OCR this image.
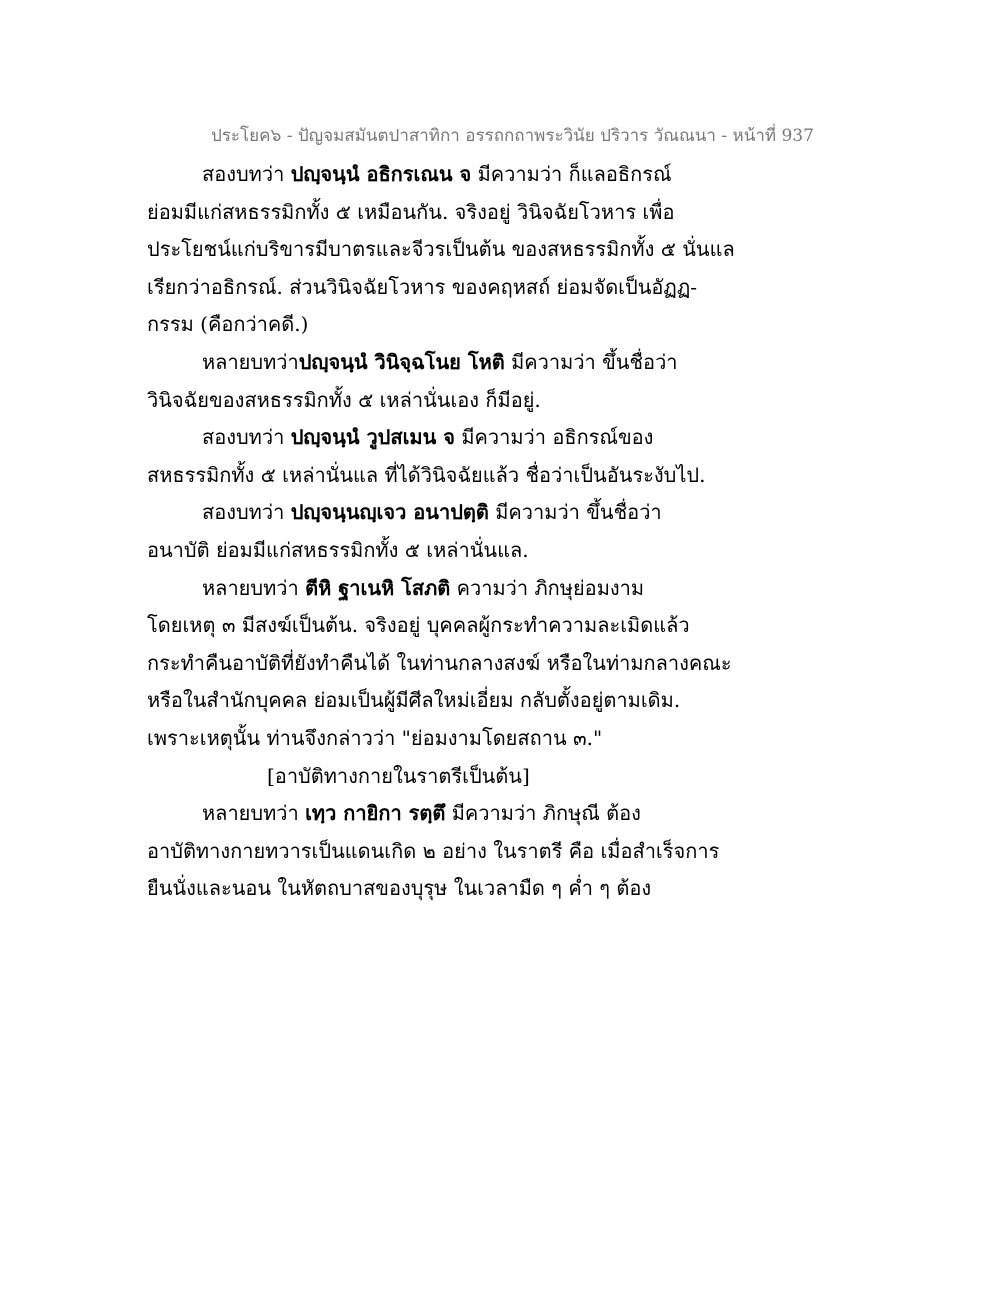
ประโยค๖ - ปัญจมสมันตปาสาทิกา อรรถกถาพระวินัย ปริวาร วัณณนา - หน้าที่ 937
สองบทว่า ปญฺจนฺนํ อธิกรเณน จ มีความว่า ก็แลอธิกรณ์
ย่อมมีแก่สหธรรมิกทั้ง ๕ เหมือนกัน. จริงอยู่ วินิจฉัยโวหาร เพื่อ
ประโยชน์แก่บริขารมีบาตรและจีวรเป็นต้น ของสหธรรมิกทั้ง ๕ นั่นแล
เรียกว่าอธิกรณ์. ส่วนวินิจฉัยโวหาร ของคฤหสถ์ ย่อมจัดเป็นอัฏฏ-
กรรม (คือกว่าคดี.)
หลายบทว่าปญฺจนฺนํ วินิจฺฉโนย โหติ มีความว่า ขึ้นชื่อว่า
วินิจฉัยของสหธรรมิกทั้ง ๕ เหล่านั่นเอง ก็มีอยู่.
สองบทว่า ปญฺจนฺนํ วูปสเมน จ มีความว่า อธิกรณ์ของ
สหธรรมิกทั้ง ๕ เหล่านั่นแล ที่ได้วินิจฉัยแล้ว ชื่อว่าเป็นอันระงับไป.
สองบทว่า ปญฺจนฺนญฺเจว อนาปตฺติ มีความว่า ขึ้นชื่อว่า
อนาบัติ ย่อมมีแก่สหธรรมิกทั้ง ๕ เหล่านั่นแล.
หลายบทว่า ตีหิ ฐาเนหิ โสภติ ความว่า ภิกษุย่อมงาม
โดยเหตุ ๓ มีสงฆ์เป็นต้น. จริงอยู่ บุคคลผู้กระทำความละเมิดแล้ว
กระทำคืนอาบัติที่ยังทำคืนได้ ในท่านกลางสงฆ์ หรือในท่ามกลางคณะ
หรือในสำนักบุคคล ย่อมเป็นผู้มีศีลใหม่เอี่ยม กลับตั้งอยู่ตามเดิม.
เพราะเหตุนั้น ท่านจึงกล่าวว่า "ย่อมงามโดยสถาน ๓."
[อาบัติทางกายในราตรีเป็นต้น]
หลายบทว่า เทฺว กายิกา รตฺตึ มีความว่า ภิกษุณี ต้อง
อาบัติทางกายทวารเป็นแดนเกิด ๒ อย่าง ในราตรี คือ เมื่อสำเร็จการ
ยืนนั่งและนอน ในหัตถบาสของบุรุษ ในเวลามืด ๆ ค่ำ ๆ ต้อง
